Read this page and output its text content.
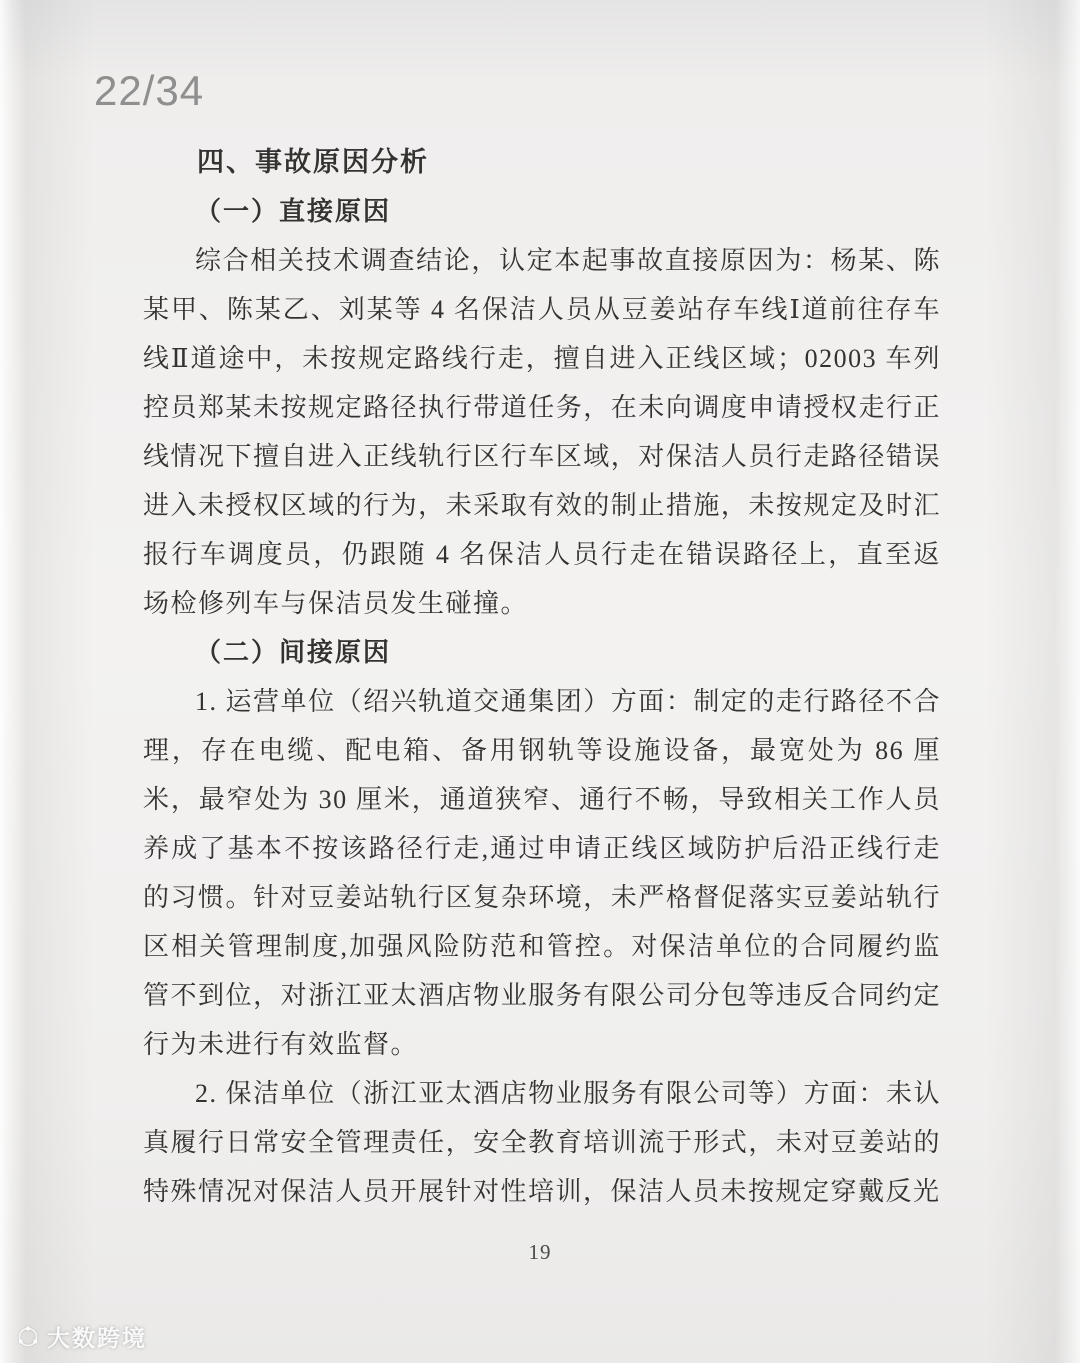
22/34
四、事故原因分析
（一）直接原因

综合相关技术调查结论，认定本起事故直接原因为：杨某、陈某甲、陈某乙、刘某等 4 名保洁人员从豆姜站存车线Ⅰ道前往存车线Ⅱ道途中，未按规定路线行走，擅自进入正线区域；02003 车列控员郑某未按规定路径执行带道任务，在未向调度申请授权走行正线情况下擅自进入正线轨行区行车区域，对保洁人员行走路径错误进入未授权区域的行为，未采取有效的制止措施，未按规定及时汇报行车调度员，仍跟随 4 名保洁人员行走在错误路径上，直至返场检修列车与保洁员发生碰撞。

（二）间接原因

1. 运营单位（绍兴轨道交通集团）方面：制定的走行路径不合理，存在电缆、配电箱、备用钢轨等设施设备，最宽处为 86 厘米，最窄处为 30 厘米，通道狭窄、通行不畅，导致相关工作人员养成了基本不按该路径行走,通过申请正线区域防护后沿正线行走的习惯。针对豆姜站轨行区复杂环境，未严格督促落实豆姜站轨行区相关管理制度,加强风险防范和管控。对保洁单位的合同履约监管不到位，对浙江亚太酒店物业服务有限公司分包等违反合同约定行为未进行有效监督。

2. 保洁单位（浙江亚太酒店物业服务有限公司等）方面：未认真履行日常安全管理责任，安全教育培训流于形式，未对豆姜站的特殊情况对保洁人员开展针对性培训，保洁人员未按规定穿戴反光

19
大数跨境
